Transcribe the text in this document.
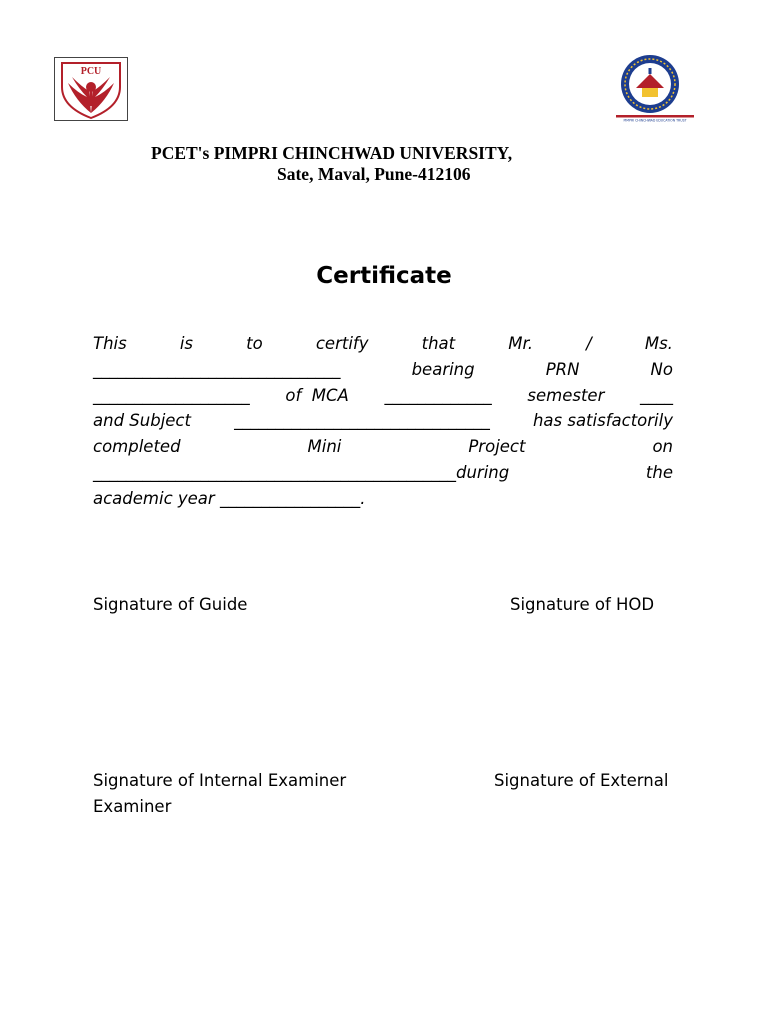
PCU
PIMPRI CHINCHWAD EDUCATION TRUST
PCET's PIMPRI CHINCHWAD UNIVERSITY,
Sate, Maval, Pune-412106
Certificate
This	is	to	certify	that	Mr.	/	Ms.
______________________________	bearing	PRN	No
___________________ of  MCA _____________ semester ____
and Subject	_______________________________	has satisfactorily
completed	Mini	Project	on
____________________________________________during	the
academic year _________________.
Signature of Guide	Signature of HOD
Signature of Internal Examiner	Signature of External
Examiner
